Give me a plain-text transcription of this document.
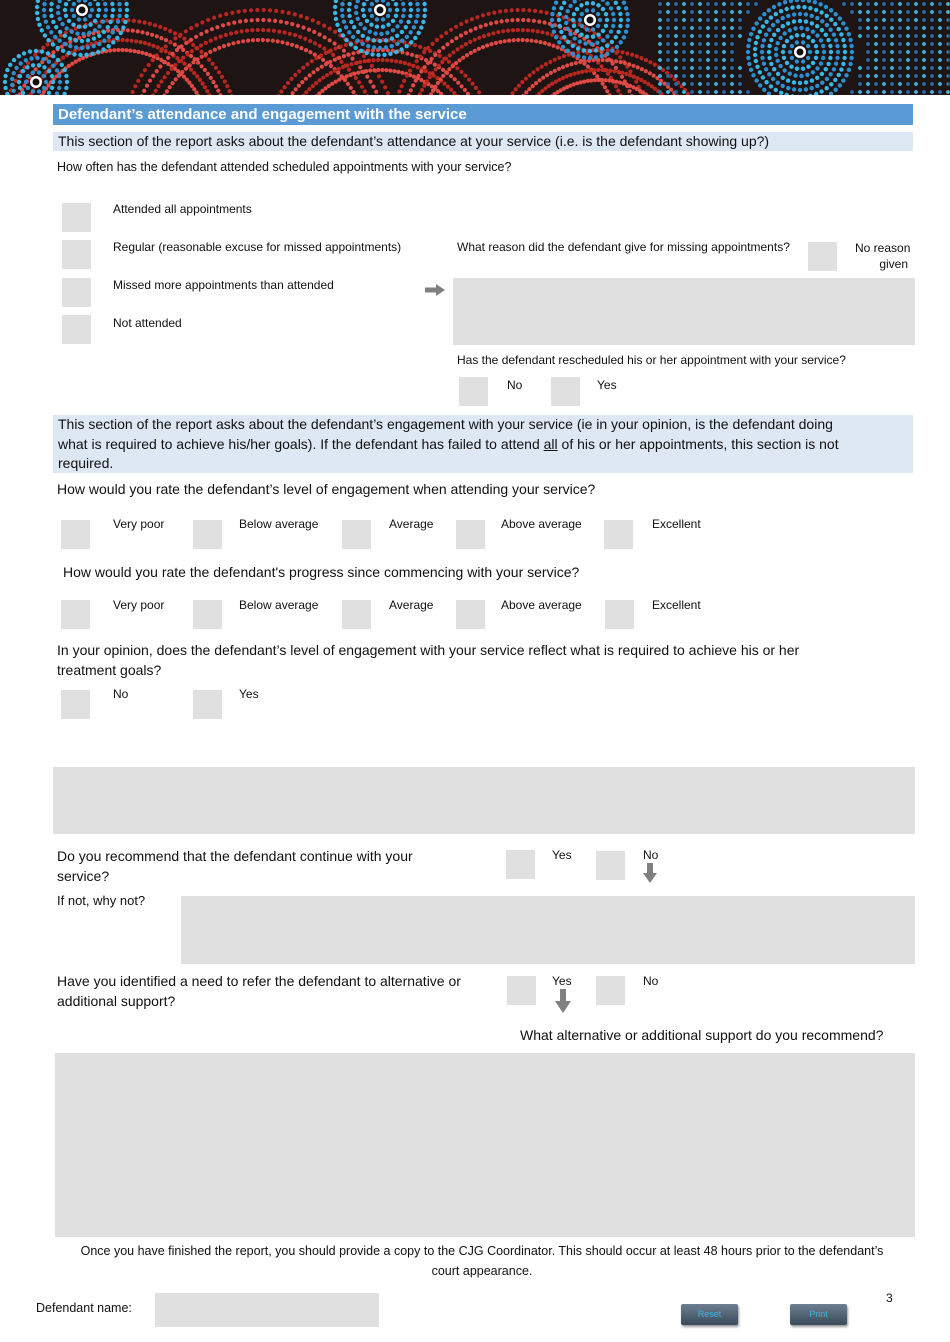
Defendant’s attendance and engagement with the service
This section of the report asks about the defendant’s attendance at your service (i.e. is the defendant showing up?)
How often has the defendant attended scheduled appointments with your service?
Attended all appointments
Regular (reasonable excuse for missed appointments)
Missed more appointments than attended
Not attended
What reason did the defendant give for missing appointments?	No reason
given
Has the defendant rescheduled his or her appointment with your service?
No	Yes
This section of the report asks about the defendant’s engagement with your service (ie in your opinion, is the defendant doing
what is required to achieve his/her goals). If the defendant has failed to attend all of his or her appointments, this section is not
required.
How would you rate the defendant’s level of engagement when attending your service?
Very poor	Below average	Average	Above average	Excellent
How would you rate the defendant's progress since commencing with your service?
Very poor	Below average	Average	Above average	Excellent
In your opinion, does the defendant’s level of engagement with your service reflect what is required to achieve his or her
treatment goals?
No	Yes
Do you recommend that the defendant continue with your
service?
Yes	No
If not, why not?
Have you identified a need to refer the defendant to alternative or
additional support?
Yes	No
What alternative or additional support do you recommend?
Once you have finished the report, you should provide a copy to the CJG Coordinator. This should occur at least 48 hours prior to the defendant’s
court appearance.
Defendant name:	Reset	Print
3
